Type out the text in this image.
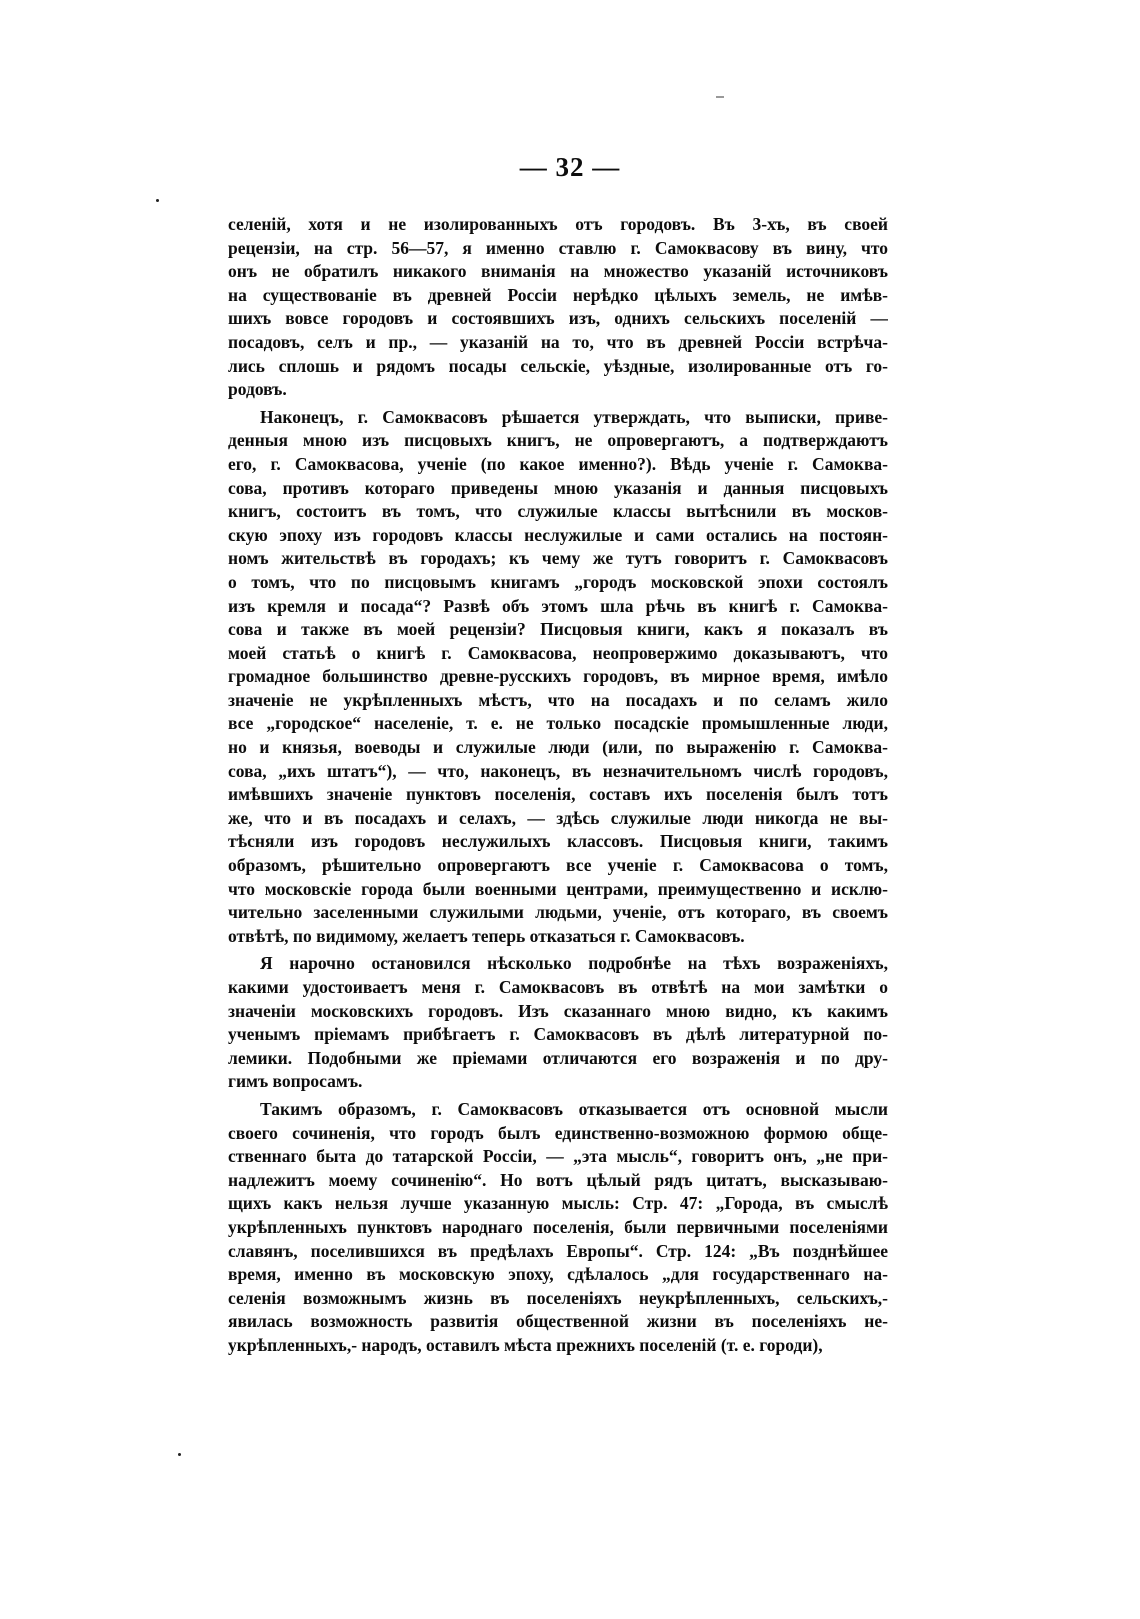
— 32 —
селеній, хотя и не изолированныхъ отъ городовъ. Въ 3-хъ, въ своей
рецензіи, на стр. 56—57, я именно ставлю г. Самоквасову въ вину, что
онъ не обратилъ никакого вниманія на множество указаній источниковъ
на существованіе въ древней Россіи нерѣдко цѣлыхъ земель, не имѣв-
шихъ вовсе городовъ и состоявшихъ изъ, однихъ сельскихъ поселеній —
посадовъ, селъ и пр., — указаній на то, что въ древней Россіи встрѣча-
лись сплошь и рядомъ посады сельскіе, уѣздные, изолированные отъ го-
родовъ.
Наконецъ, г. Самоквасовъ рѣшается утверждать, что выписки, приве-
денныя мною изъ писцовыхъ книгъ, не опровергаютъ, а подтверждаютъ
его, г. Самоквасова, ученіе (по какое именно?). Вѣдь ученіе г. Самоква-
сова, противъ котораго приведены мною указанія и данныя писцовыхъ
книгъ, состоитъ въ томъ, что служилые классы вытѣснили въ москов-
скую эпоху изъ городовъ классы неслужилые и сами остались на постоян-
номъ жительствѣ въ городахъ; къ чему же тутъ говоритъ г. Самоквасовъ
о томъ, что по писцовымъ книгамъ „городъ московской эпохи состоялъ
изъ кремля и посада“? Развѣ объ этомъ шла рѣчь въ книгѣ г. Самоква-
сова и также въ моей рецензіи? Писцовыя книги, какъ я показалъ въ
моей статьѣ о книгѣ г. Самоквасова, неопровержимо доказываютъ, что
громадное большинство древне-русскихъ городовъ, въ мирное время, имѣло
значеніе не укрѣпленныхъ мѣстъ, что на посадахъ и по селамъ жило
все „городское“ населеніе, т. е. не только посадскіе промышленные люди,
но и князья, воеводы и служилые люди (или, по выраженію г. Самоква-
сова, „ихъ штатъ“), — что, наконецъ, въ незначительномъ числѣ городовъ,
имѣвшихъ значеніе пунктовъ поселенія, составъ ихъ поселенія былъ тотъ
же, что и въ посадахъ и селахъ, — здѣсь служилые люди никогда не вы-
тѣсняли изъ городовъ неслужилыхъ классовъ. Писцовыя книги, такимъ
образомъ, рѣшительно опровергаютъ все ученіе г. Самоквасова о томъ,
что московскіе города были военными центрами, преимущественно и исклю-
чительно заселенными служилыми людьми, ученіе, отъ котораго, въ своемъ
отвѣтѣ, по видимому, желаетъ теперь отказаться г. Самоквасовъ.
Я нарочно остановился нѣсколько подробнѣе на тѣхъ возраженіяхъ,
какими удостоиваетъ меня г. Самоквасовъ въ отвѣтѣ на мои замѣтки о
значеніи московскихъ городовъ. Изъ сказаннаго мною видно, къ какимъ
ученымъ пріемамъ прибѣгаетъ г. Самоквасовъ въ дѣлѣ литературной по-
лемики. Подобными же пріемами отличаются его возраженія и по дру-
гимъ вопросамъ.
Такимъ образомъ, г. Самоквасовъ отказывается отъ основной мысли
своего сочиненія, что городъ былъ единственно-возможною формою обще-
ственнаго быта до татарской Россіи, — „эта мысль“, говоритъ онъ, „не при-
надлежитъ моему сочиненію“. Но вотъ цѣлый рядъ цитатъ, высказываю-
щихъ какъ нельзя лучше указанную мысль: Стр. 47: „Города, въ смыслѣ
укрѣпленныхъ пунктовъ народнаго поселенія, были первичными поселеніями
славянъ, поселившихся въ предѣлахъ Европы“. Стр. 124: „Въ позднѣйшее
время, именно въ московскую эпоху, сдѣлалось „для государственнаго на-
селенія возможнымъ жизнь въ поселеніяхъ неукрѣпленныхъ, сельскихъ,-
явилась возможность развитія общественной жизни въ поселеніяхъ не-
укрѣпленныхъ,- народъ, оставилъ мѣста прежнихъ поселеній (т. е. городи),
